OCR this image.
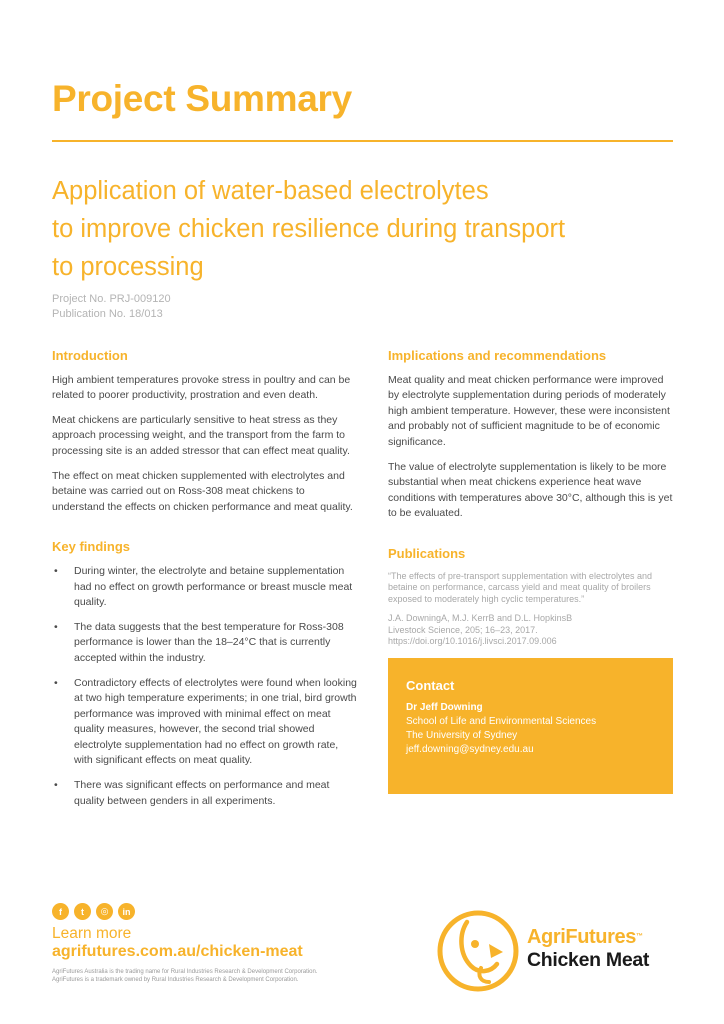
Project Summary
Application of water-based electrolytes
to improve chicken resilience during transport
to processing
Project No. PRJ-009120
Publication No. 18/013
Introduction

High ambient temperatures provoke stress in poultry and can be related to poorer productivity, prostration and even death.

Meat chickens are particularly sensitive to heat stress as they approach processing weight, and the transport from the farm to processing site is an added stressor that can effect meat quality.

The effect on meat chicken supplemented with electrolytes and betaine was carried out on Ross-308 meat chickens to understand the effects on chicken performance and meat quality.

Key findings
• During winter, the electrolyte and betaine supplementation had no effect on growth performance or breast muscle meat quality.
• The data suggests that the best temperature for Ross-308 performance is lower than the 18–24°C that is currently accepted within the industry.
• Contradictory effects of electrolytes were found when looking at two high temperature experiments; in one trial, bird growth performance was improved with minimal effect on meat quality measures, however, the second trial showed electrolyte supplementation had no effect on growth rate, with significant effects on meat quality.
• There was significant effects on performance and meat quality between genders in all experiments.
Implications and recommendations

Meat quality and meat chicken performance were improved by electrolyte supplementation during periods of moderately high ambient temperature. However, these were inconsistent and probably not of sufficient magnitude to be of economic significance.

The value of electrolyte supplementation is likely to be more substantial when meat chickens experience heat wave conditions with temperatures above 30°C, although this is yet to be evaluated.

Publications
“The effects of pre-transport supplementation with electrolytes and betaine on performance, carcass yield and meat quality of broilers exposed to moderately high cyclic temperatures.”
J.A. DowningA, M.J. KerrB and D.L. HopkinsB
Livestock Science, 205; 16–23, 2017.
https://doi.org/10.1016/j.livsci.2017.09.006
Contact
Dr Jeff Downing
School of Life and Environmental Sciences
The University of Sydney
jeff.downing@sydney.edu.au
f	t	◎	in
Learn more
agrifutures.com.au/chicken-meat
AgriFutures Australia is the trading name for Rural Industries Research & Development Corporation.
AgriFutures is a trademark owned by Rural Industries Research & Development Corporation.
AgriFutures™
Chicken Meat
